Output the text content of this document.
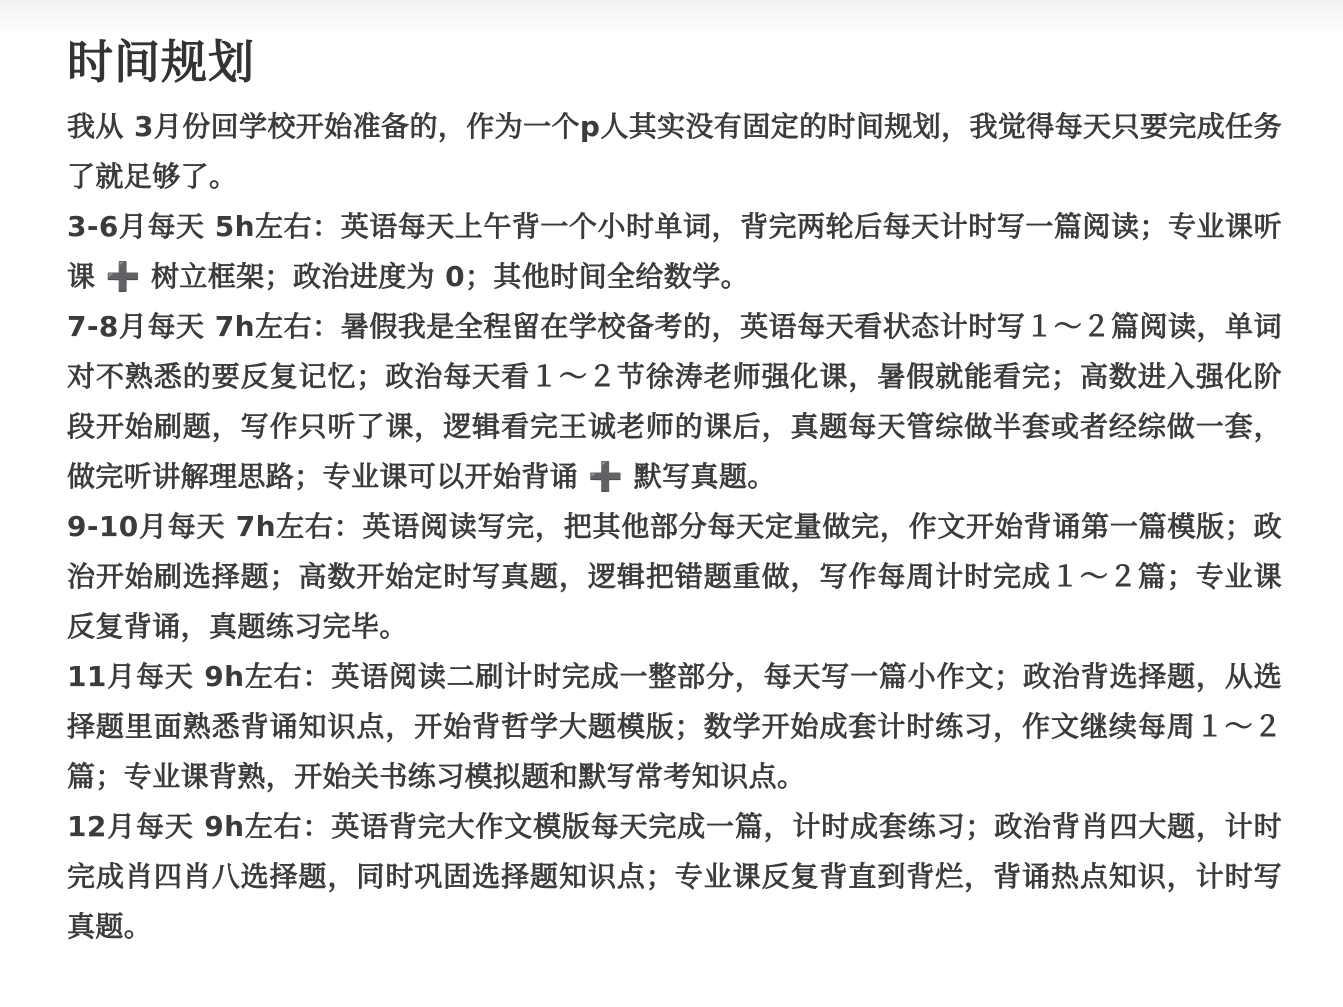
时间规划

我从 3月份回学校开始准备的，作为一个p人其实没有固定的时间规划，我觉得每天只要完成任务了就足够了。

3-6月每天 5h左右：英语每天上午背一个小时单词，背完两轮后每天计时写一篇阅读；专业课听课 ➕ 树立框架；政治进度为 0；其他时间全给数学。

7-8月每天 7h左右：暑假我是全程留在学校备考的，英语每天看状态计时写１～２篇阅读，单词对不熟悉的要反复记忆；政治每天看１～２节徐涛老师强化课，暑假就能看完；高数进入强化阶段开始刷题，写作只听了课，逻辑看完王诚老师的课后，真题每天管综做半套或者经综做一套，做完听讲解理思路；专业课可以开始背诵 ➕ 默写真题。

9-10月每天 7h左右：英语阅读写完，把其他部分每天定量做完，作文开始背诵第一篇模版；政治开始刷选择题；高数开始定时写真题，逻辑把错题重做，写作每周计时完成１～２篇；专业课反复背诵，真题练习完毕。

11月每天 9h左右：英语阅读二刷计时完成一整部分，每天写一篇小作文；政治背选择题，从选择题里面熟悉背诵知识点，开始背哲学大题模版；数学开始成套计时练习，作文继续每周１～２篇；专业课背熟，开始关书练习模拟题和默写常考知识点。

12月每天 9h左右：英语背完大作文模版每天完成一篇，计时成套练习；政治背肖四大题，计时完成肖四肖八选择题，同时巩固选择题知识点；专业课反复背直到背烂，背诵热点知识，计时写真题。
